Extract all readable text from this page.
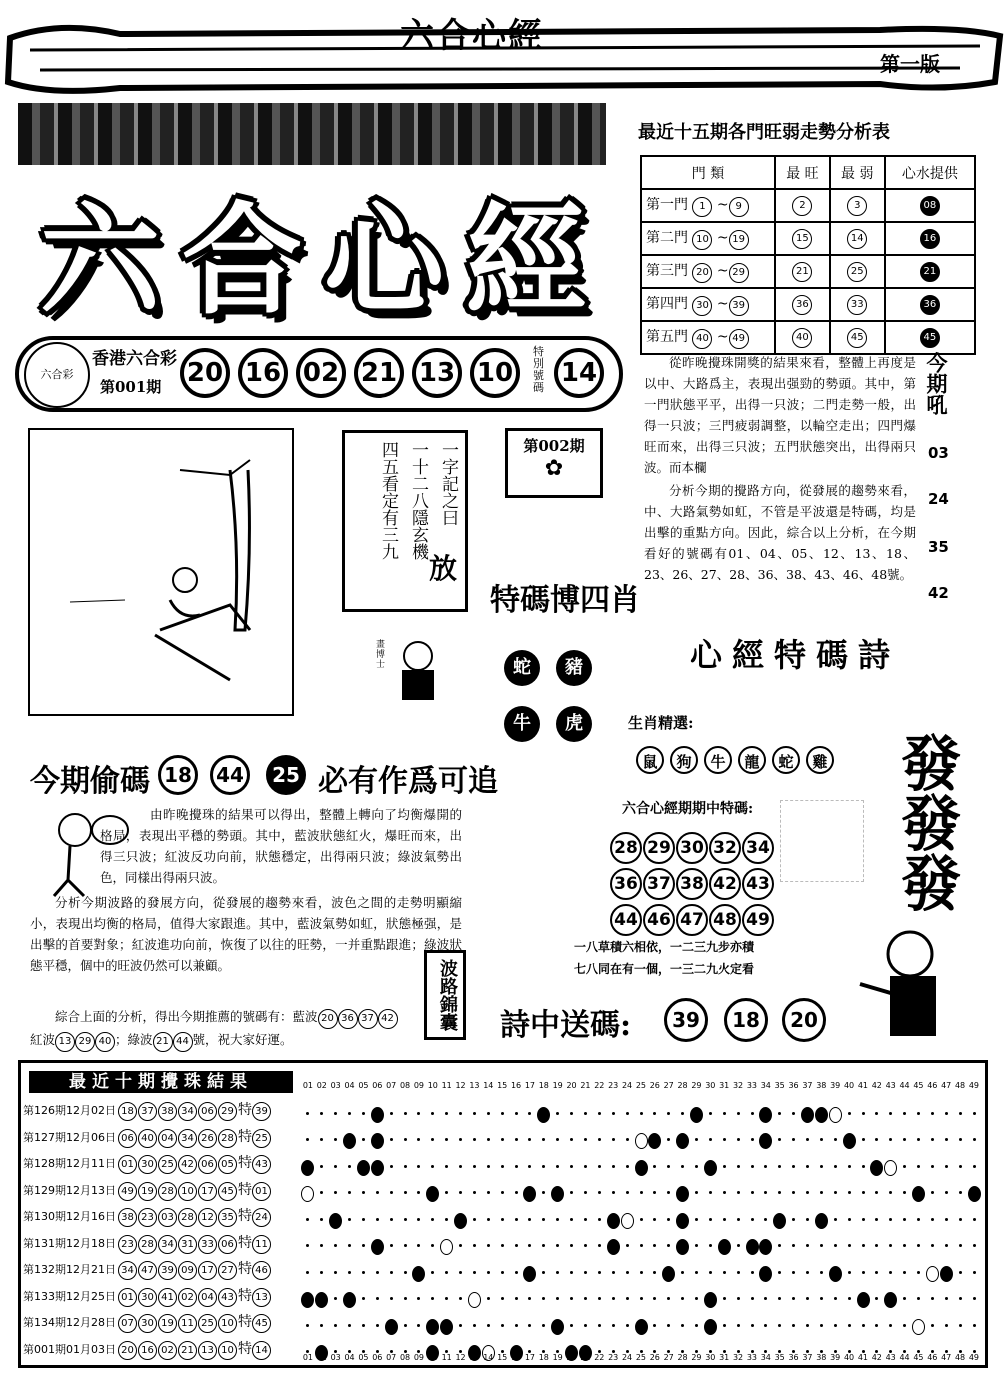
六合心經
第一版
六合心經
六合彩
香港六合彩
第001期 20 16 02 21 13 10
特別號碼 14
最近十五期各門旺弱走勢分析表
門 類	最 旺	最 弱	心水提供
第一門 1 ~ 9	2	3	08
第二門 10 ~ 19	15	14	16
第三門 20 ~ 29	21	25	21
第四門 30 ~ 39	36	33	36
第五門 40 ~ 49	40	45	45
從昨晚攪珠開獎的結果來看，整體上再度是以中、大路爲主，表現出强勁的勢頭。其中，第一門狀態平平，出得一只波；二門走勢一般，出得一只波；三門疲弱調整，以輪空走出；四門爆旺而來，出得三只波；五門狀態突出，出得兩只波。而本欄
分析今期的攪路方向，從發展的趨勢來看，中、大路氣勢如虹，不管是平波還是特碼，均是出擊的重點方向。因此，綜合以上分析，在今期看好的號碼有01、04、05、12、13、18、23、26、27、28、36、38、43、46、48號。
今期吼
03
24
35
42
一字記之曰
一十二八隱玄機
四五看定有三九
放
第002期
✿
特碼博四肖
蛇	豬
牛	虎
畫博士
今期偷碼 18	44	25 必有作爲可追
由昨晚攪珠的結果可以得出，整體上轉向了均衡爆開的格局，表現出平穩的勢頭。其中，藍波狀態紅火，爆旺而來，出得三只波；紅波反功向前，狀態穩定，出得兩只波；綠波氣勢出色，同樣出得兩只波。
分析今期波路的發展方向，從發展的趨勢來看，波色之間的走勢明顯縮小，表現出均衡的格局，值得大家跟進。其中，藍波氣勢如虹，狀態極强，是出擊的首要對象；紅波進功向前，恢復了以往的旺勢，一并重點跟進；綠波狀態平穩，個中的旺波仍然可以兼顧。
綜合上面的分析，得出今期推薦的號碼有：藍波 20 36 37 42
紅波 13 29 40 ；綠波 21 44 號，祝大家好運。
波路錦囊
心經特碼詩
生肖精選:
鼠	狗	牛	龍	蛇	雞
六合心經期期中特碼:
28 29 30 32 34
36 37 38 42 43
44 46 47 48 49
發發發
一八草積六相依，一二三九步亦積
七八同在有一個，一三二九火定看
詩中送碼:	39	18	20
最近十期攪珠結果	01 02 03 04 05 06 07 08 09 10 11 12 13 14 15 16 17 18 19 20 21 22 23 24 25 26 27 28 29 30 31 32 33 34 35 36 37 38 39 40 41 42 43 44 45 46 47 48 49
第126期12月02日 18 37 38 34 06 29 特 39
第127期12月06日 06 40 04 34 26 28 特 25
第128期12月11日 01 30 25 42 06 05 特 43
第129期12月13日 49 19 28 10 17 45 特 01
第130期12月16日 38 23 03 28 12 35 特 24
第131期12月18日 23 28 34 31 33 06 特 11
第132期12月21日 34 47 39 09 17 27 特 46
第133期12月25日 01 30 41 02 04 43 特 13
第134期12月28日 07 30 19 11 25 10 特 45
第001期01月03日 20 16 02 21 13 10 特 14
01 02 03 04 05 06 07 08 09 10 11 12 13 14 15 16 17 18 19 20 21 22 23 24 25 26 27 28 29 30 31 32 33 34 35 36 37 38 39 40 41 42 43 44 45 46 47 48 49
